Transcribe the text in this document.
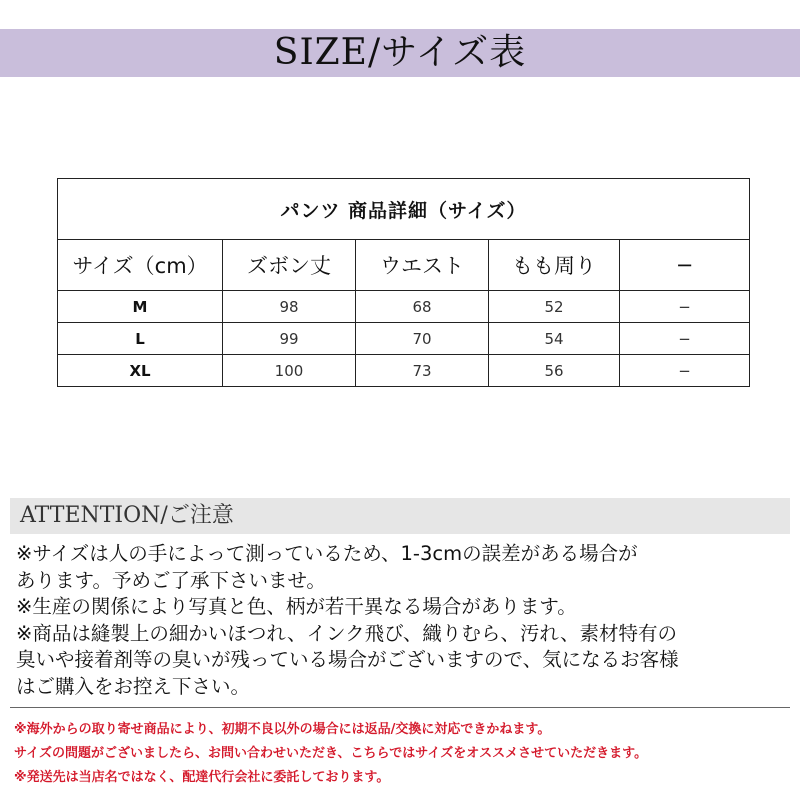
SIZE/サイズ表
パンツ 商品詳細（サイズ）				
サイズ（cm）	ズボン丈	ウエスト	もも周り	−
M	98	68	52	−
L	99	70	54	−
XL	100	73	56	−
ATTENTION/ご注意

※サイズは人の手によって測っているため、1-3cmの誤差がある場合が

あります。予めご了承下さいませ。

※生産の関係により写真と色、柄が若干異なる場合があります。

※商品は縫製上の細かいほつれ、インク飛び、織りむら、汚れ、素材特有の

臭いや接着剤等の臭いが残っている場合がございますので、気になるお客様

はご購入をお控え下さい。

※海外からの取り寄せ商品により、初期不良以外の場合には返品/交換に対応できかねます。

サイズの問題がございましたら、お問い合わせいただき、こちらではサイズをオススメさせていただきます。

※発送先は当店名ではなく、配達代行会社に委託しております。
